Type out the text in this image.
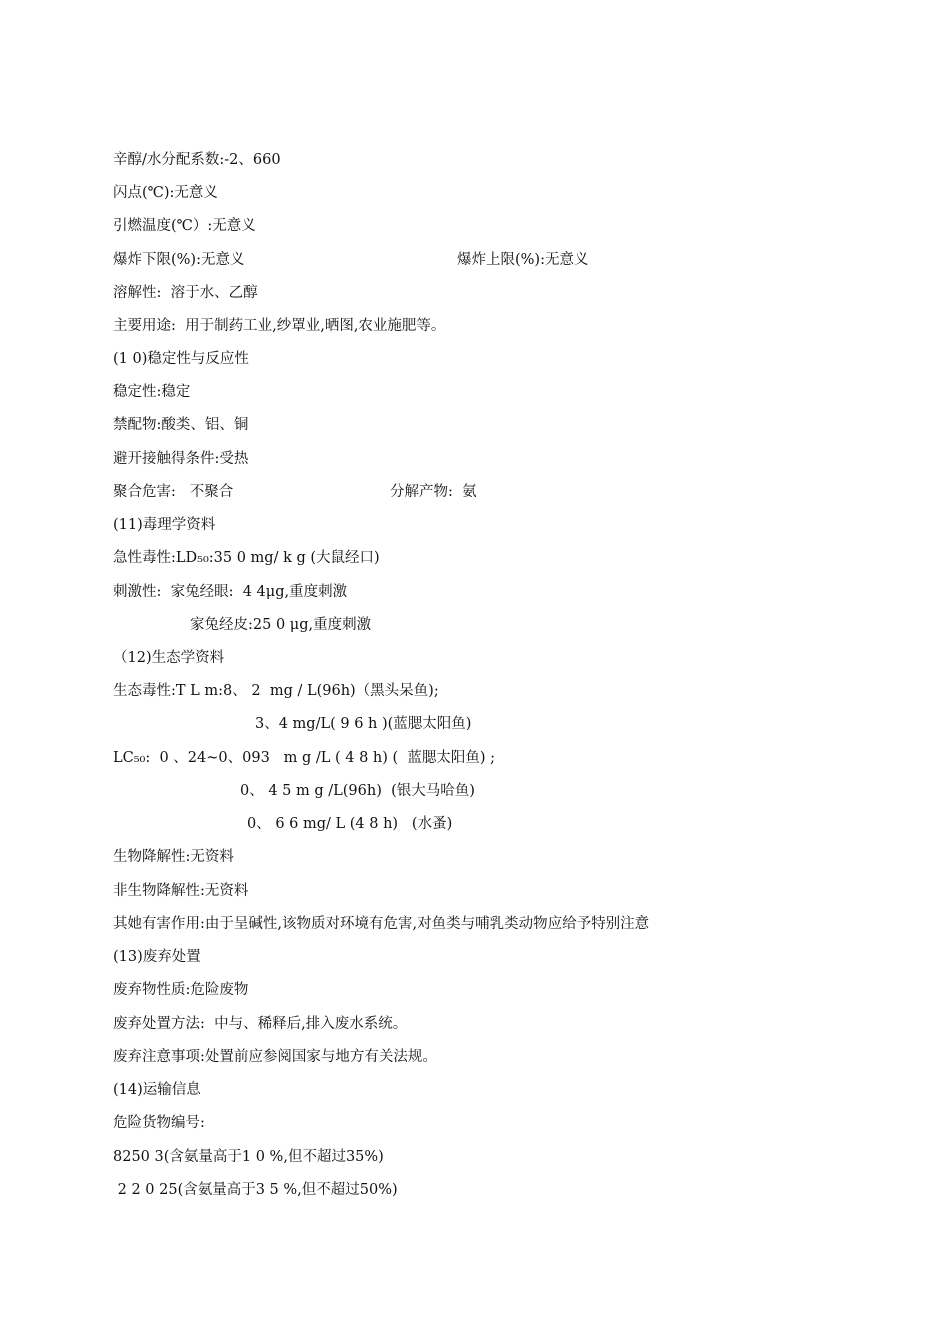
辛醇/水分配系数:-2、660
闪点(℃):无意义
引燃温度(℃）:无意义
爆炸下限(%):无意义	爆炸上限(%):无意义
溶解性:  溶于水、乙醇
主要用途:  用于制药工业,纱罩业,晒图,农业施肥等。
(1 0)稳定性与反应性
稳定性:稳定
禁配物:酸类、铝、铜
避开接触得条件:受热
聚合危害:   不聚合	分解产物:  氨
(11)毒理学资料
急性毒性:LD₅₀:35 0 mg/ k g (大鼠经口)
刺激性:  家兔经眼:  4 4μg,重度刺激
家兔经皮:25 0 μg,重度刺激
（12)生态学资料
生态毒性:T L m:8、 2  mg / L(96h)（黑头呆鱼);
3、4 mg/L( 9 6 h )(蓝腮太阳鱼)
LC₅₀:  0 、24~0、093   m g /L ( 4 8 h) (  蓝腮太阳鱼) ;
0、 4 5 m g /L(96h)  (银大马哈鱼)
0、 6 6 mg/ L (4 8 h)   (水蚤)
生物降解性:无资料
非生物降解性:无资料
其她有害作用:由于呈碱性,该物质对环境有危害,对鱼类与哺乳类动物应给予特别注意
(13)废弃处置
废弃物性质:危险废物
废弃处置方法:  中与、稀释后,排入废水系统。
废弃注意事项:处置前应参阅国家与地方有关法规。
(14)运输信息
危险货物编号:
8250 3(含氨量高于1 0 %,但不超过35%)
2 2 0 25(含氨量高于3 5 %,但不超过50%)
